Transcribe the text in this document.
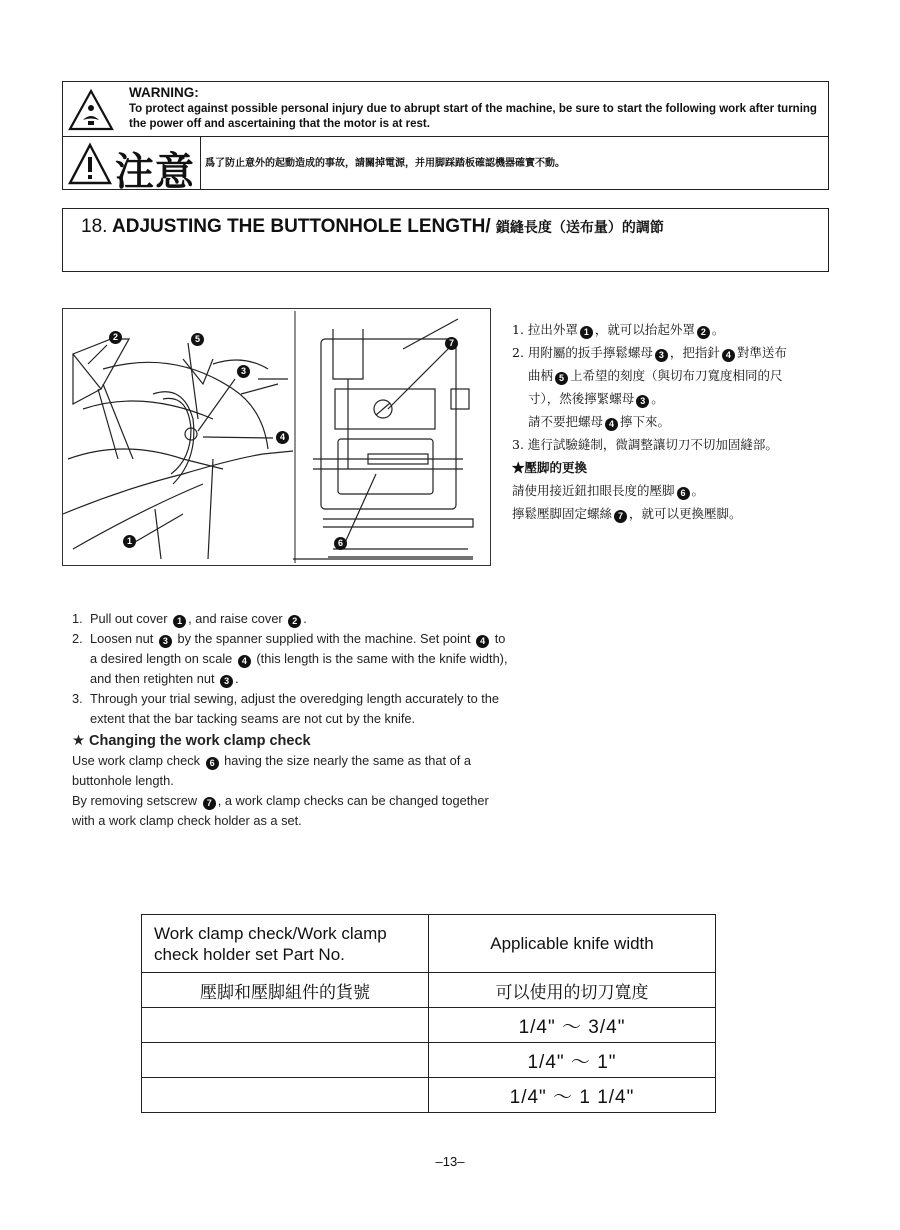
WARNING:
To protect against possible personal injury due to abrupt start of the machine, be sure to start the following work after turning the power off and ascertaining that the motor is at rest.
注意 爲了防止意外的起動造成的事故，請關掉電源，并用脚踩踏板確認機器確實不動。
18. ADJUSTING THE BUTTONHOLE LENGTH/ 鎖縫長度（送布量）的調節
2	5
3
4
1
7
6
1. 拉出外罩 1 ，就可以抬起外罩 2 。
2. 用附屬的扳手擰鬆螺母 3 ，把指針 4 對準送布
曲柄 5 上希望的刻度（與切布刀寬度相同的尺
寸），然後擰緊螺母 3 。
請不要把螺母 4 擰下來。
3. 進行試驗縫制，微調整讓切刀不切加固縫部。
★壓脚的更換
請使用接近鈕扣眼長度的壓脚 6 。
擰鬆壓脚固定螺絲 7 ，就可以更換壓脚。
1. Pull out cover 1 , and raise cover 2 .
2. Loosen nut 3 by the spanner supplied with the machine. Set point 4 to a desired length on scale 4 (this length is the same with the knife width), and then retighten nut 3 .
3. Through your trial sewing, adjust the overedging length accurately to the extent that the bar tacking seams are not cut by the knife.
★ Changing the work clamp check
Use work clamp check 6 having the size nearly the same as that of a buttonhole length.
By removing setscrew 7 , a work clamp checks can be changed together with a work clamp check holder as a set.
Work clamp check/Work clamp check holder set Part No.	Applicable knife width
壓脚和壓脚組件的貨號	可以使用的切刀寬度
	1/4" ～ 3/4"
	1/4" ～ 1"
	1/4" ～ 1 1/4"
–13–
